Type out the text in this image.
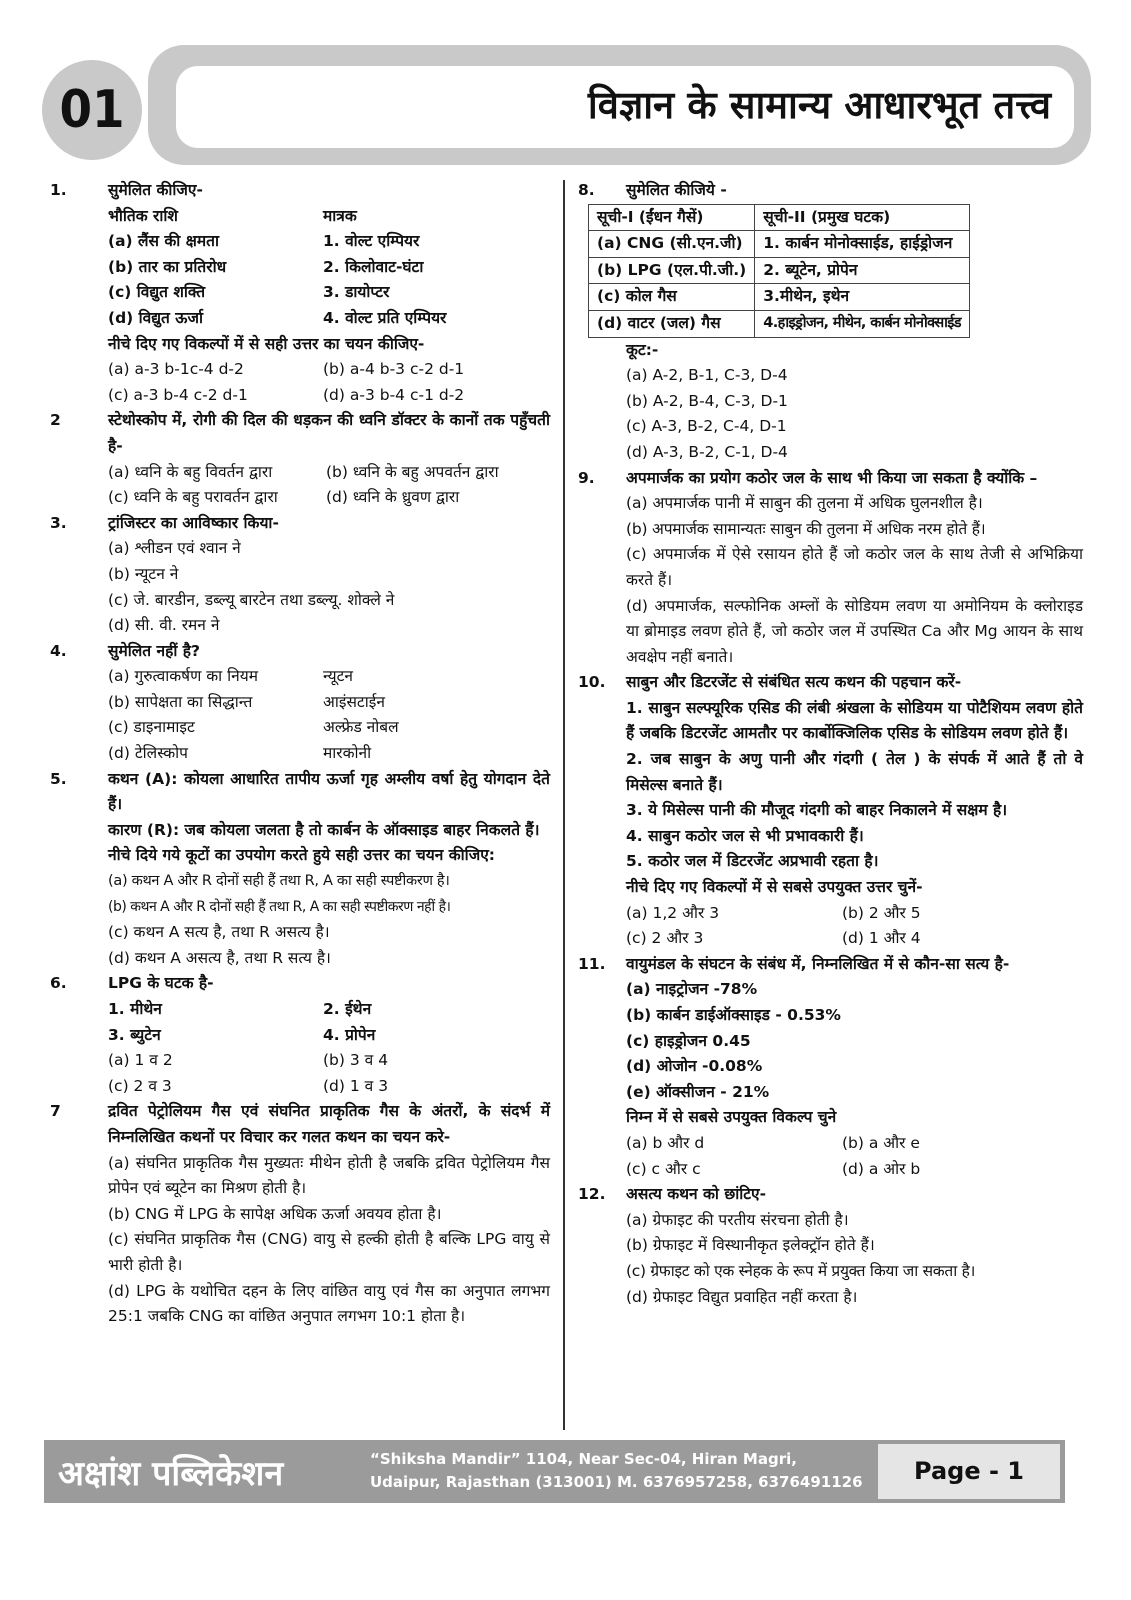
01	विज्ञान के सामान्य आधारभूत तत्त्व
1.	सुमेलित कीजिए-
भौतिक राशि	मात्रक
(a) लैंस की क्षमता	1. वोल्ट एम्पियर
(b) तार का प्रतिरोध	2. किलोवाट-घंटा
(c) विद्युत शक्ति	3. डायोप्टर
(d) विद्युत ऊर्जा	4. वोल्ट प्रति एम्पियर
नीचे दिए गए विकल्पों में से सही उत्तर का चयन कीजिए-
(a) a-3 b-1c-4 d-2	(b) a-4 b-3 c-2 d-1
(c) a-3 b-4 c-2 d-1	(d) a-3 b-4 c-1 d-2
2	स्टेथोस्कोप में, रोगी की दिल की धड़कन की ध्वनि डॉक्टर के कानों तक पहुँचती है-
(a) ध्वनि के बहु विवर्तन द्वारा	(b) ध्वनि के बहु अपवर्तन द्वारा
(c) ध्वनि के बहु परावर्तन द्वारा	(d) ध्वनि के ध्रुवण द्वारा
3.	ट्रांजिस्टर का आविष्कार किया-
(a) श्लीडन एवं श्वान ने
(b) न्यूटन ने
(c) जे. बारडीन, डब्ल्यू बारटेन तथा डब्ल्यू. शोक्ले ने
(d) सी. वी. रमन ने
4.	सुमेलित नहीं है?
(a) गुरुत्वाकर्षण का नियम	न्यूटन
(b) सापेक्षता का सिद्धान्त	आइंसटाईन
(c) डाइनामाइट	अल्फ्रेड नोबल
(d) टेलिस्कोप	मारकोनी
5.	कथन (A): कोयला आधारित तापीय ऊर्जा गृह अम्लीय वर्षा हेतु योगदान देते हैं।
कारण (R): जब कोयला जलता है तो कार्बन के ऑक्साइड बाहर निकलते हैं।
नीचे दिये गये कूटों का उपयोग करते हुये सही उत्तर का चयन कीजिए:
(a) कथन A और R दोनों सही हैं तथा R, A का सही स्पष्टीकरण है।
(b) कथन A और R दोनों सही हैं तथा R, A का सही स्पष्टीकरण नहीं है।
(c) कथन A सत्य है, तथा R असत्य है।
(d) कथन A असत्य है, तथा R सत्य है।
6.	LPG के घटक है-
1. मीथेन	2. ईथेन
3. ब्युटेन	4. प्रोपेन
(a) 1 व 2	(b) 3 व 4
(c) 2 व 3	(d) 1 व 3
7	द्रवित पेट्रोलियम गैस एवं संघनित प्राकृतिक गैस के अंतरों, के संदर्भ में निम्नलिखित कथनों पर विचार कर गलत कथन का चयन करे-
(a) संघनित प्राकृतिक गैस मुख्यतः मीथेन होती है जबकि द्रवित पेट्रोलियम गैस प्रोपेन एवं ब्यूटेन का मिश्रण होती है।
(b) CNG में LPG के सापेक्ष अधिक ऊर्जा अवयव होता है।
(c) संघनित प्राकृतिक गैस (CNG) वायु से हल्की होती है बल्कि LPG वायु से भारी होती है।
(d) LPG के यथोचित दहन के लिए वांछित वायु एवं गैस का अनुपात लगभग 25:1 जबकि CNG का वांछित अनुपात लगभग 10:1 होता है।
8. सुमेलित कीजिये -
सूची-I (ईंधन गैसें)	सूची-II (प्रमुख घटक)
(a) CNG (सी.एन.जी)	1. कार्बन मोनोक्साईड, हाईड्रोजन
(b) LPG (एल.पी.जी.)	2. ब्यूटेन, प्रोपेन
(c) कोल गैस	3.मीथेन, इथेन
(d) वाटर (जल) गैस	4.हाइड्रोजन, मीथेन, कार्बन मोनोक्साईड
कूट:-
(a) A-2, B-1, C-3, D-4
(b) A-2, B-4, C-3, D-1
(c) A-3, B-2, C-4, D-1
(d) A-3, B-2, C-1, D-4
9. अपमार्जक का प्रयोग कठोर जल के साथ भी किया जा सकता है क्योंकि –
(a) अपमार्जक पानी में साबुन की तुलना में अधिक घुलनशील है।
(b) अपमार्जक सामान्यतः साबुन की तुलना में अधिक नरम होते हैं।
(c) अपमार्जक में ऐसे रसायन होते हैं जो कठोर जल के साथ तेजी से अभिक्रिया करते हैं।
(d) अपमार्जक, सल्फोनिक अम्लों के सोडियम लवण या अमोनियम के क्लोराइड या ब्रोमाइड लवण होते हैं, जो कठोर जल में उपस्थित Ca और Mg आयन के साथ अवक्षेप नहीं बनाते।
10. साबुन और डिटरजेंट से संबंधित सत्य कथन की पहचान करें-
1. साबुन सल्फ्यूरिक एसिड की लंबी श्रंखला के सोडियम या पोटैशियम लवण होते हैं जबकि डिटरजेंट आमतौर पर कार्बोक्जिलिक एसिड के सोडियम लवण होते हैं।
2. जब साबुन के अणु पानी और गंदगी ( तेल ) के संपर्क में आते हैं तो वे मिसेल्स बनाते हैं।
3. ये मिसेल्स पानी की मौजूद गंदगी को बाहर निकालने में सक्षम है।
4. साबुन कठोर जल से भी प्रभावकारी हैं।
5. कठोर जल में डिटरजेंट अप्रभावी रहता है।
नीचे दिए गए विकल्पों में से सबसे उपयुक्त उत्तर चुनें-
(a) 1,2 और 3	(b) 2 और 5
(c) 2 और 3	(d) 1 और 4
11. वायुमंडल के संघटन के संबंध में, निम्नलिखित में से कौन-सा सत्य है-
(a) नाइट्रोजन -78%
(b) कार्बन डाईऑक्साइड - 0.53%
(c) हाइड्रोजन 0.45
(d) ओजोन -0.08%
(e) ऑक्सीजन - 21%
निम्न में से सबसे उपयुक्त विकल्प चुने
(a) b और d	(b) a और e
(c) c और c	(d) a ओर b
12. असत्य कथन को छांटिए-
(a) ग्रेफाइट की परतीय संरचना होती है।
(b) ग्रेफाइट में विस्थानीकृत इलेक्ट्रॉन होते हैं।
(c) ग्रेफाइट को एक स्नेहक के रूप में प्रयुक्त किया जा सकता है।
(d) ग्रेफाइट विद्युत प्रवाहित नहीं करता है।
अक्षांश पब्लिकेशन	“Shiksha Mandir” 1104, Near Sec-04, Hiran Magri,
Udaipur, Rajasthan (313001) M. 6376957258, 6376491126	Page - 1
